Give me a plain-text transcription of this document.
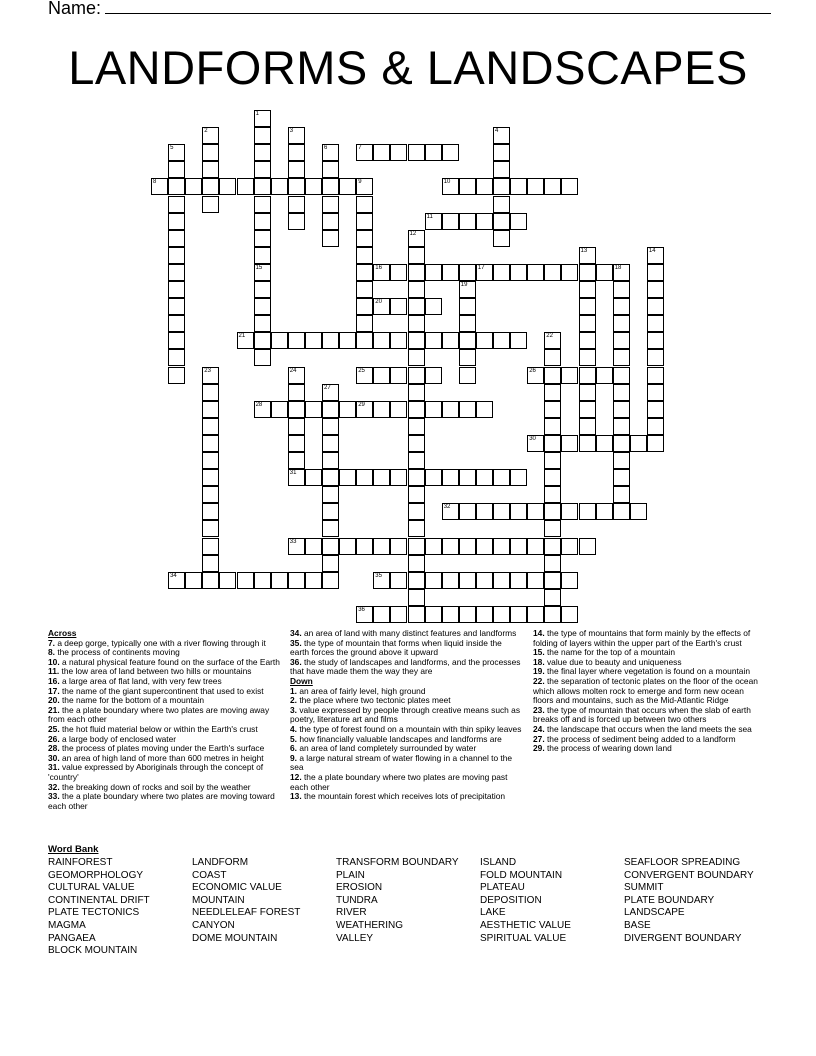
Name:
LANDFORMS & LANDSCAPES
1
2	3	4
5	6	7
8	9	10
11
12
13	14
15	16	17	18
19
20
21	22
23	24	25	26
27
28	29
30
31
32
33
34	35
36
Across
7. a deep gorge, typically one with a river flowing through it
8. the process of continents moving
10. a natural physical feature found on the surface of the Earth
11. the low area of land between two hills or mountains
16. a large area of flat land, with very few trees
17. the name of the giant supercontinent that used to exist
20. the name for the bottom of a mountain
21. the a plate boundary where two plates are moving away from each other
25. the hot fluid material below or within the Earth's crust
26. a large body of enclosed water
28. the process of plates moving under the Earth's surface
30. an area of high land of more than 600 metres in height
31. value expressed by Aboriginals through the concept of 'country'
32. the breaking down of rocks and soil by the weather
33. the a plate boundary where two plates are moving toward each other
34. an area of land with many distinct features and landforms
35. the type of mountain that forms when liquid inside the earth forces the ground above it upward
36. the study of landscapes and landforms, and the processes that have made them the way they are
Down
1. an area of fairly level, high ground
2. the place where two tectonic plates meet
3. value expressed by people through creative means such as poetry, literature art and films
4. the type of forest found on a mountain with thin spiky leaves
5. how financially valuable landscapes and landforms are
6. an area of land completely surrounded by water
9. a large natural stream of water flowing in a channel to the sea
12. the a plate boundary where two plates are moving past each other
13. the mountain forest which receives lots of precipitation
14. the type of mountains that form mainly by the effects of folding of layers within the upper part of the Earth's crust
15. the name for the top of a mountain
18. value due to beauty and uniqueness
19. the final layer where vegetation is found on a mountain
22. the separation of tectonic plates on the floor of the ocean which allows molten rock to emerge and form new ocean floors and mountains, such as the Mid-Atlantic Ridge
23. the type of mountain that occurs when the slab of earth breaks off and is forced up between two others
24. the landscape that occurs when the land meets the sea
27. the process of sediment being added to a landform
29. the process of wearing down land
Word Bank
RAINFOREST
GEOMORPHOLOGY
CULTURAL VALUE
CONTINENTAL DRIFT
PLATE TECTONICS
MAGMA
PANGAEA
BLOCK MOUNTAIN
LANDFORM
COAST
ECONOMIC VALUE
MOUNTAIN
NEEDLELEAF FOREST
CANYON
DOME MOUNTAIN
TRANSFORM BOUNDARY
PLAIN
EROSION
TUNDRA
RIVER
WEATHERING
VALLEY
ISLAND
FOLD MOUNTAIN
PLATEAU
DEPOSITION
LAKE
AESTHETIC VALUE
SPIRITUAL VALUE
SEAFLOOR SPREADING
CONVERGENT BOUNDARY
SUMMIT
PLATE BOUNDARY
LANDSCAPE
BASE
DIVERGENT BOUNDARY
